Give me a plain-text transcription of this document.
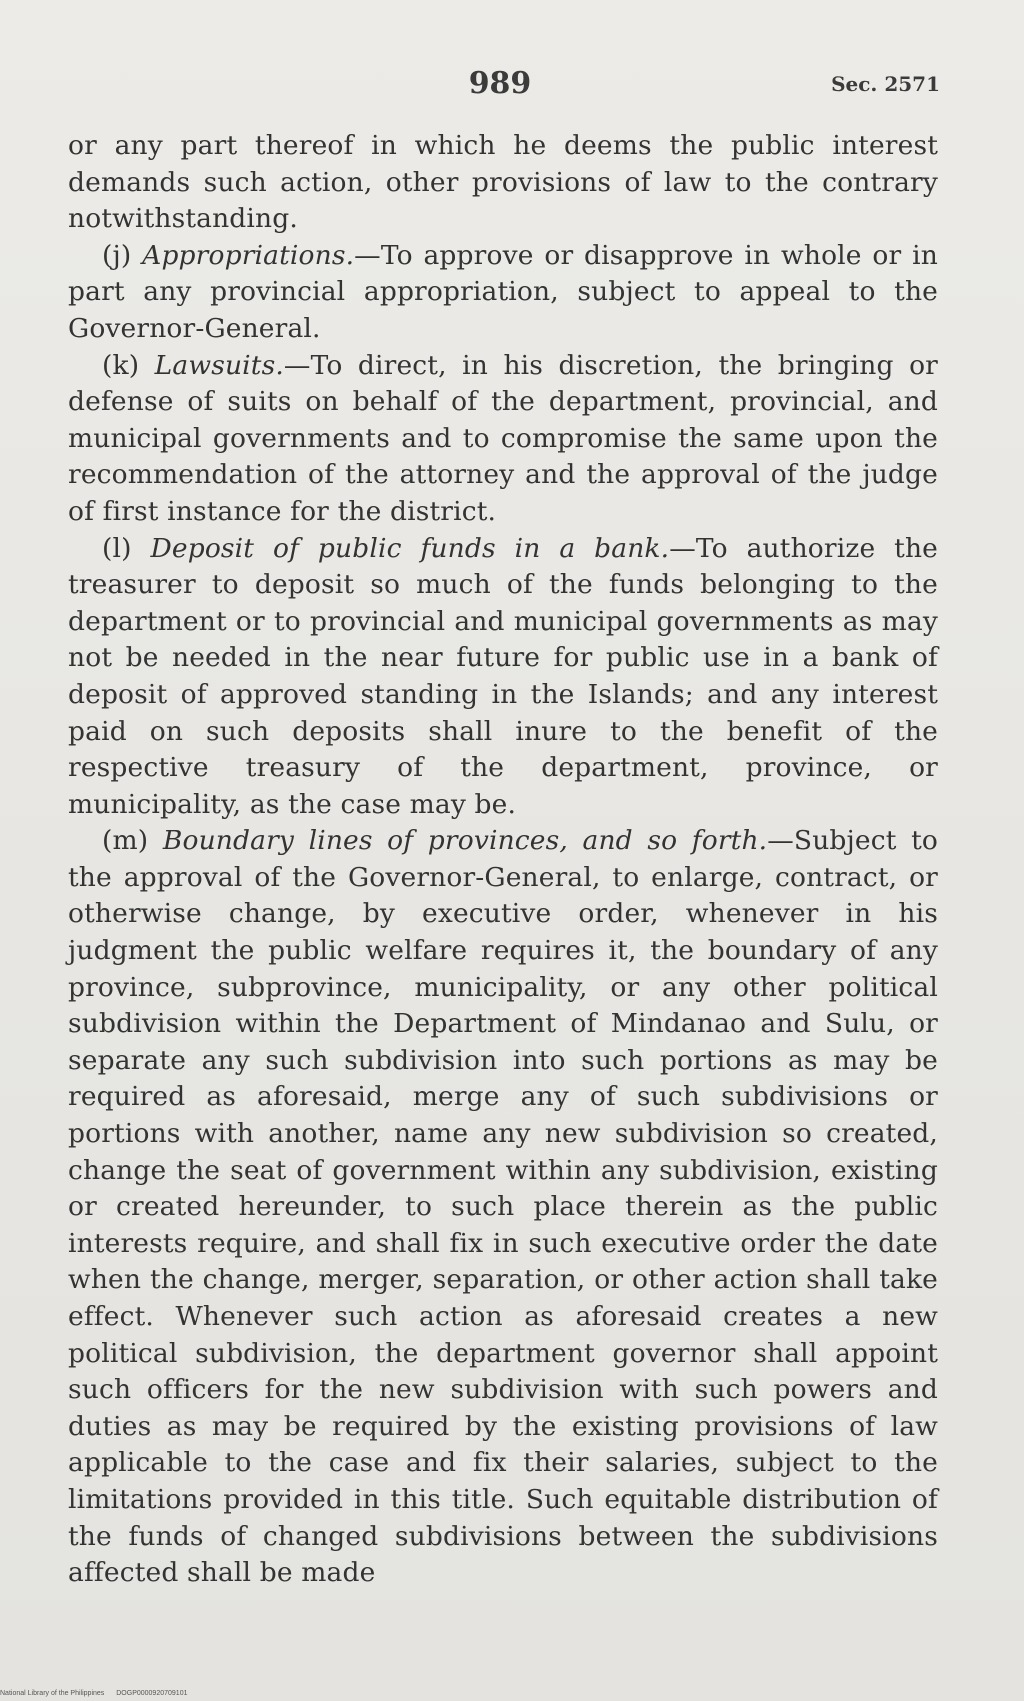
989	Sec. 2571

or any part thereof in which he deems the public interest demands such action, other provisions of law to the contrary notwithstanding.

(j) Appropriations.—To approve or disapprove in whole or in part any provincial appropriation, subject to appeal to the Governor-General.

(k) Lawsuits.—To direct, in his discretion, the bringing or defense of suits on behalf of the department, provincial, and municipal governments and to compromise the same upon the recommendation of the attorney and the approval of the judge of first instance for the district.

(l) Deposit of public funds in a bank.—To authorize the treasurer to deposit so much of the funds belonging to the department or to provincial and municipal governments as may not be needed in the near future for public use in a bank of deposit of approved standing in the Islands; and any interest paid on such deposits shall inure to the benefit of the respective treasury of the department, province, or municipality, as the case may be.

(m) Boundary lines of provinces, and so forth.—Subject to the approval of the Governor-General, to enlarge, contract, or otherwise change, by executive order, whenever in his judgment the public welfare requires it, the boundary of any province, subprovince, municipality, or any other political subdivision within the Department of Mindanao and Sulu, or separate any such subdivision into such portions as may be required as aforesaid, merge any of such subdivisions or portions with another, name any new subdivision so created, change the seat of government within any subdivision, existing or created hereunder, to such place therein as the public interests require, and shall fix in such executive order the date when the change, merger, separation, or other action shall take effect. Whenever such action as aforesaid creates a new political subdivision, the department governor shall appoint such officers for the new subdivision with such powers and duties as may be required by the existing provisions of law applicable to the case and fix their salaries, subject to the limitations provided in this title. Such equitable distribution of the funds of changed subdivisions between the subdivisions affected shall be made

National Library of the Philippines DOGP0000920709101
